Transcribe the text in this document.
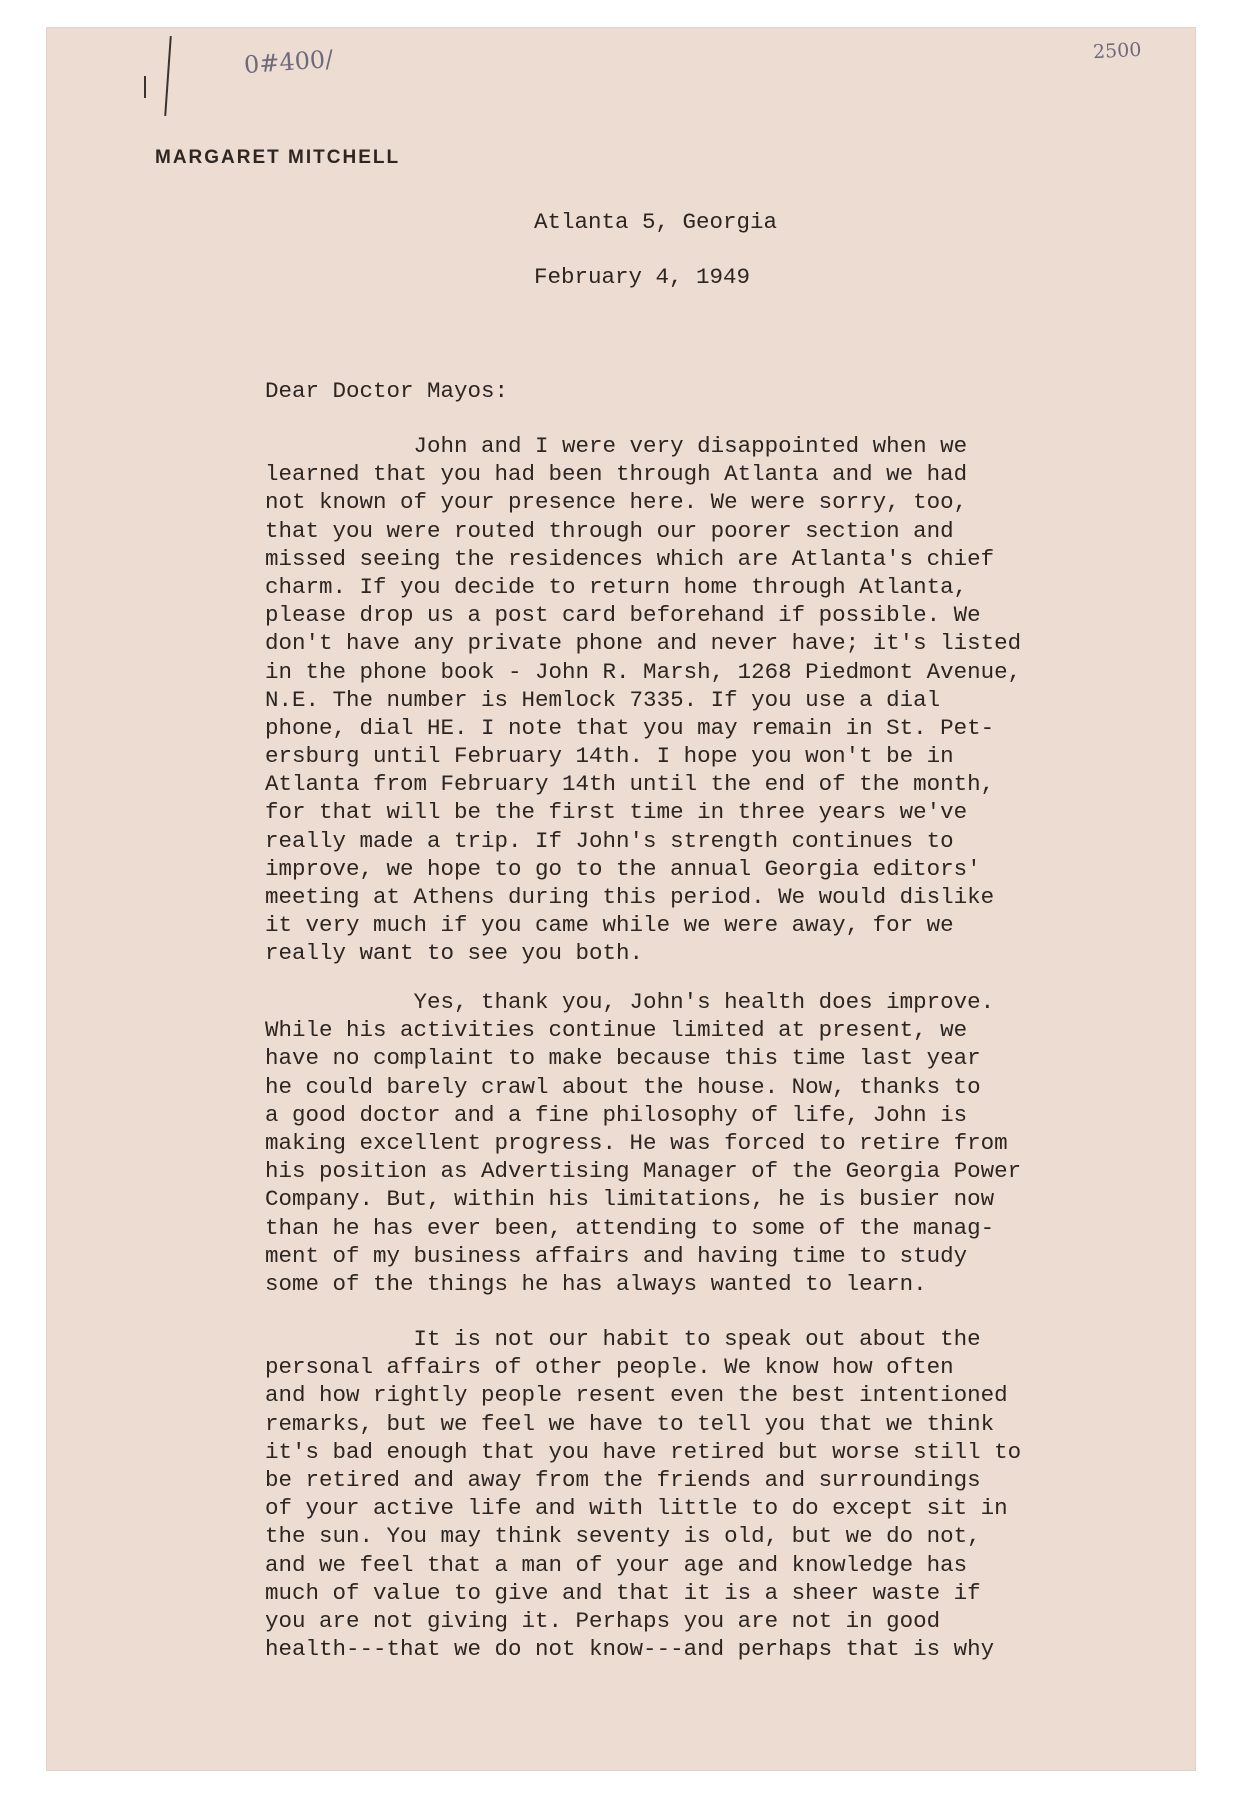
0#400/	2500
MARGARET MITCHELL
Atlanta 5, Georgia
February 4, 1949
Dear Doctor Mayos:
John and I were very disappointed when we
learned that you had been through Atlanta and we had
not known of your presence here. We were sorry, too,
that you were routed through our poorer section and
missed seeing the residences which are Atlanta's chief
charm. If you decide to return home through Atlanta,
please drop us a post card beforehand if possible. We
don't have any private phone and never have; it's listed
in the phone book - John R. Marsh, 1268 Piedmont Avenue,
N.E. The number is Hemlock 7335. If you use a dial
phone, dial HE. I note that you may remain in St. Pet-
ersburg until February 14th. I hope you won't be in
Atlanta from February 14th until the end of the month,
for that will be the first time in three years we've
really made a trip. If John's strength continues to
improve, we hope to go to the annual Georgia editors'
meeting at Athens during this period. We would dislike
it very much if you came while we were away, for we
really want to see you both.
Yes, thank you, John's health does improve.
While his activities continue limited at present, we
have no complaint to make because this time last year
he could barely crawl about the house. Now, thanks to
a good doctor and a fine philosophy of life, John is
making excellent progress. He was forced to retire from
his position as Advertising Manager of the Georgia Power
Company. But, within his limitations, he is busier now
than he has ever been, attending to some of the manag-
ment of my business affairs and having time to study
some of the things he has always wanted to learn.
It is not our habit to speak out about the
personal affairs of other people. We know how often
and how rightly people resent even the best intentioned
remarks, but we feel we have to tell you that we think
it's bad enough that you have retired but worse still to
be retired and away from the friends and surroundings
of your active life and with little to do except sit in
the sun. You may think seventy is old, but we do not,
and we feel that a man of your age and knowledge has
much of value to give and that it is a sheer waste if
you are not giving it. Perhaps you are not in good
health---that we do not know---and perhaps that is why
